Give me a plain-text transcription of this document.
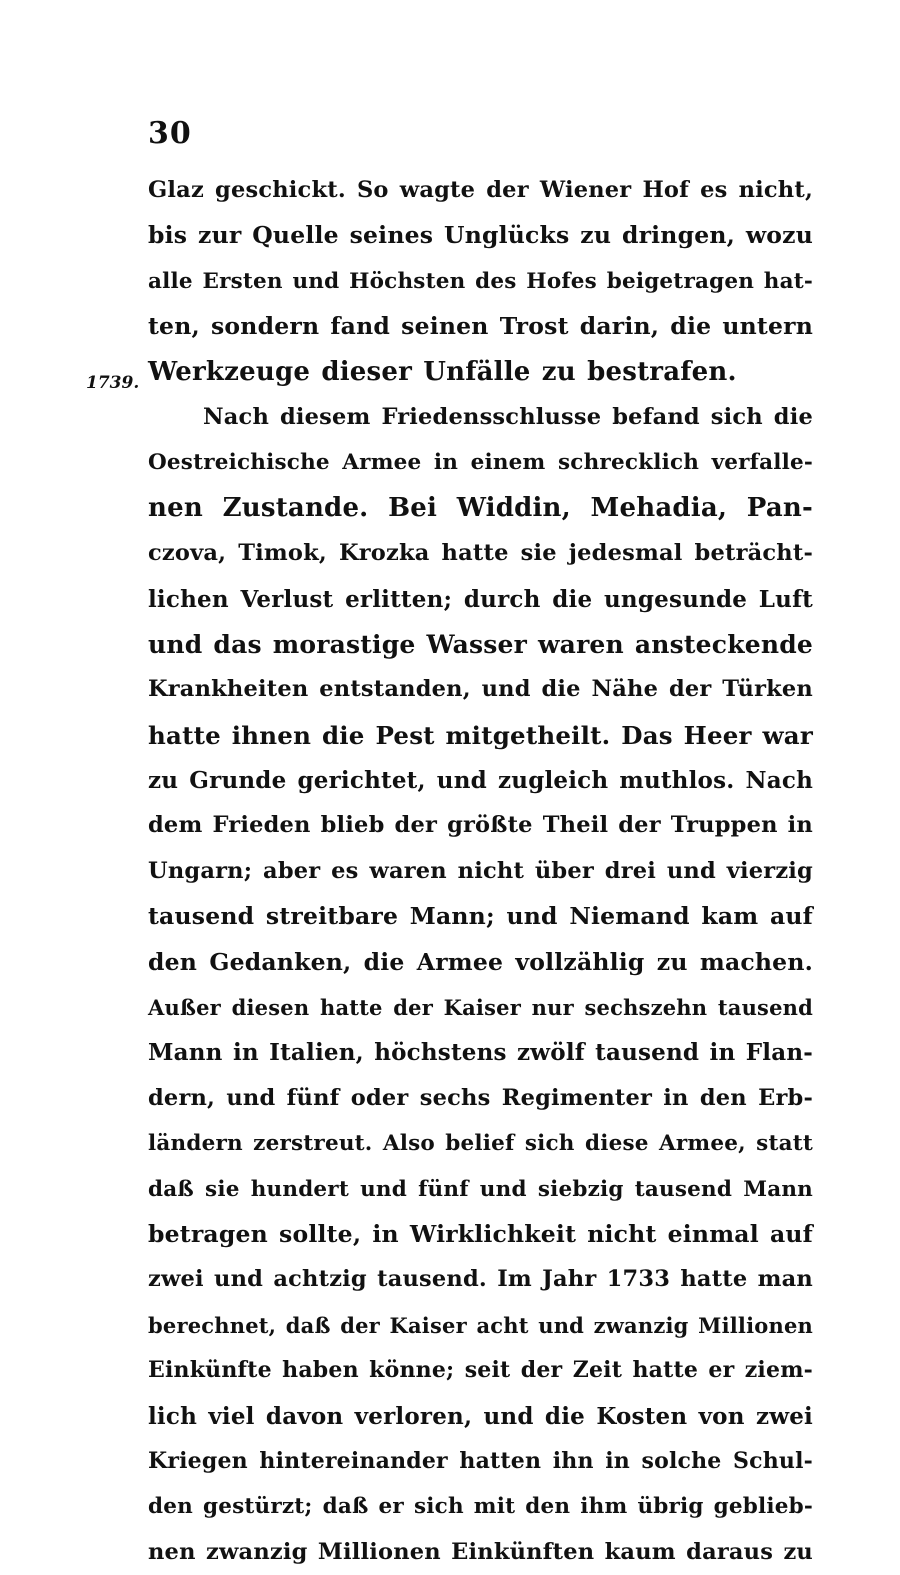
30
1739.
Glaz geschickt. So wagte der Wiener Hof es nicht,
bis zur Quelle seines Unglücks zu dringen, wozu
alle Ersten und Höchsten des Hofes beigetragen hat-
ten, sondern fand seinen Trost darin, die untern
Werkzeuge dieser Unfälle zu bestrafen.
Nach diesem Friedensschlusse befand sich die
Oestreichische Armee in einem schrecklich verfalle-
nen Zustande. Bei Widdin, Mehadia, Pan-
czova, Timok, Krozka hatte sie jedesmal beträcht-
lichen Verlust erlitten; durch die ungesunde Luft
und das morastige Wasser waren ansteckende
Krankheiten entstanden, und die Nähe der Türken
hatte ihnen die Pest mitgetheilt. Das Heer war
zu Grunde gerichtet, und zugleich muthlos. Nach
dem Frieden blieb der größte Theil der Truppen in
Ungarn; aber es waren nicht über drei und vierzig
tausend streitbare Mann; und Niemand kam auf
den Gedanken, die Armee vollzählig zu machen.
Außer diesen hatte der Kaiser nur sechszehn tausend
Mann in Italien, höchstens zwölf tausend in Flan-
dern, und fünf oder sechs Regimenter in den Erb-
ländern zerstreut. Also belief sich diese Armee, statt
daß sie hundert und fünf und siebzig tausend Mann
betragen sollte, in Wirklichkeit nicht einmal auf
zwei und achtzig tausend. Im Jahr 1733 hatte man
berechnet, daß der Kaiser acht und zwanzig Millionen
Einkünfte haben könne; seit der Zeit hatte er ziem-
lich viel davon verloren, und die Kosten von zwei
Kriegen hintereinander hatten ihn in solche Schul-
den gestürzt; daß er sich mit den ihm übrig geblieb-
nen zwanzig Millionen Einkünften kaum daraus zu
